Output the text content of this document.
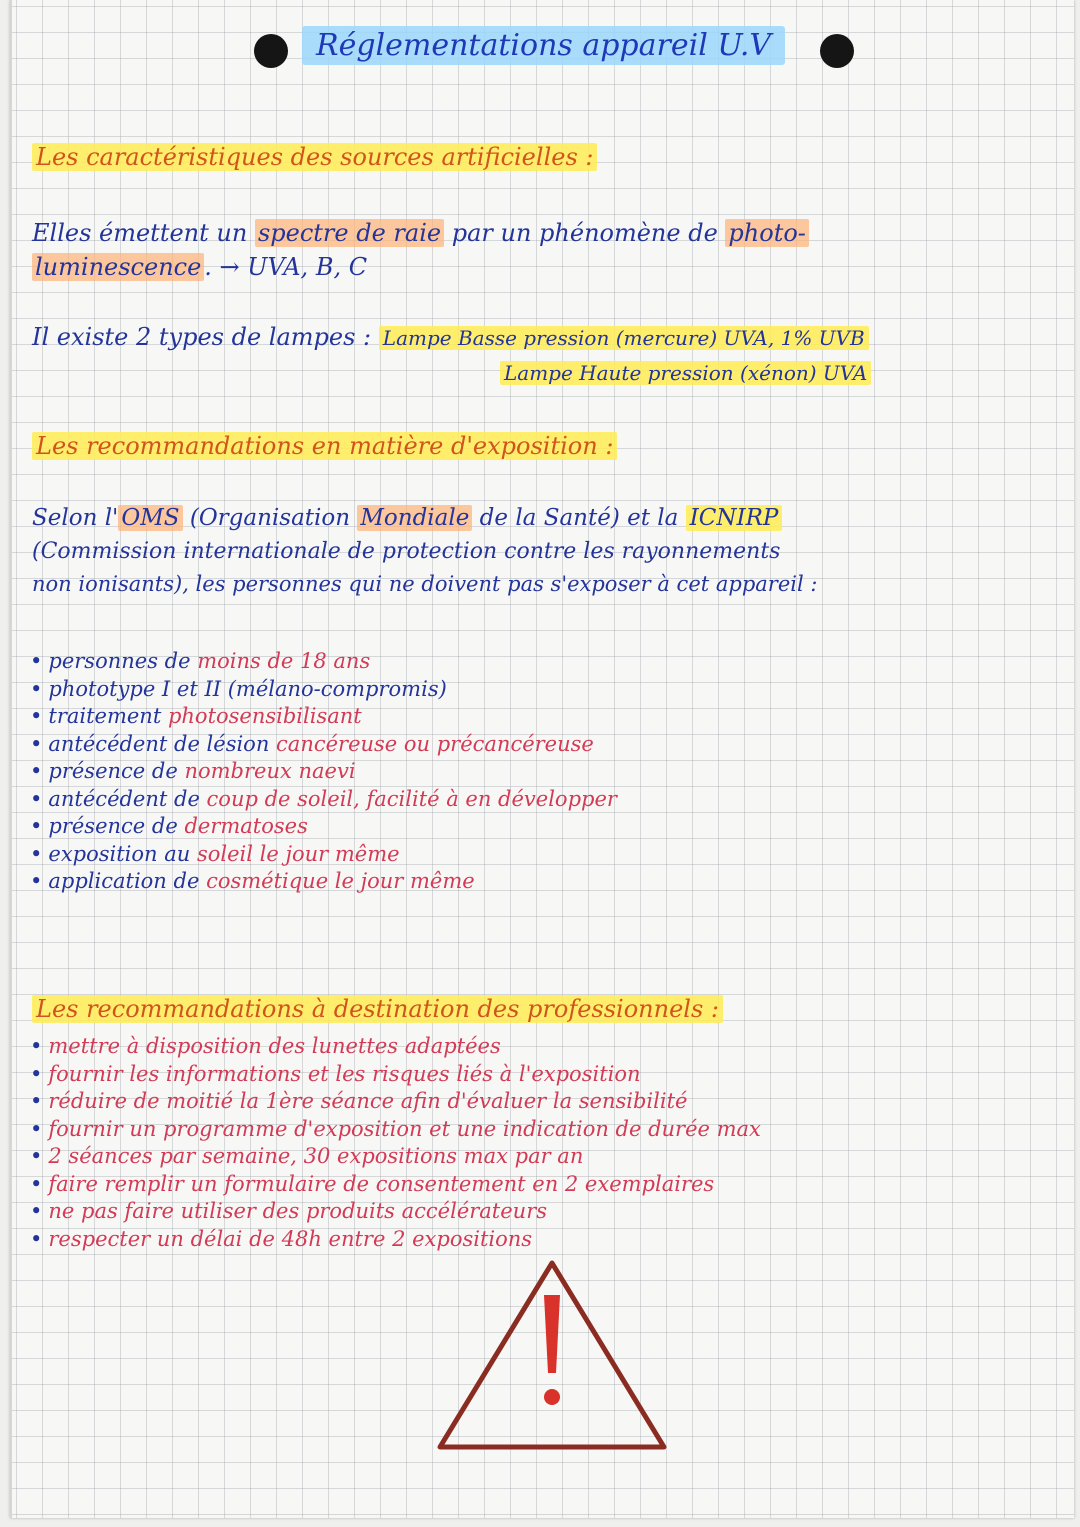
Réglementations appareil U.V
Les caractéristiques des sources artificielles :
Elles émettent un spectre de raie par un phénomène de photo-
luminescence . → UVA, B, C
Il existe 2 types de lampes : Lampe Basse pression (mercure) UVA, 1% UVB
Lampe Haute pression (xénon) UVA
Les recommandations en matière d'exposition :
Selon l' OMS (Organisation Mondiale de la Santé) et la ICNIRP
(Commission internationale de protection contre les rayonnements
non ionisants), les personnes qui ne doivent pas s'exposer à cet appareil :
• personnes de moins de 18 ans
• phototype I et II (mélano-compromis)
• traitement photosensibilisant
• antécédent de lésion cancéreuse ou précancéreuse
• présence de nombreux naevi
• antécédent de coup de soleil, facilité à en développer
• présence de dermatoses
• exposition au soleil le jour même
• application de cosmétique le jour même
Les recommandations à destination des professionnels :
• mettre à disposition des lunettes adaptées
• fournir les informations et les risques liés à l'exposition
• réduire de moitié la 1ère séance afin d'évaluer la sensibilité
• fournir un programme d'exposition et une indication de durée max
• 2 séances par semaine, 30 expositions max par an
• faire remplir un formulaire de consentement en 2 exemplaires
• ne pas faire utiliser des produits accélérateurs
• respecter un délai de 48h entre 2 expositions
